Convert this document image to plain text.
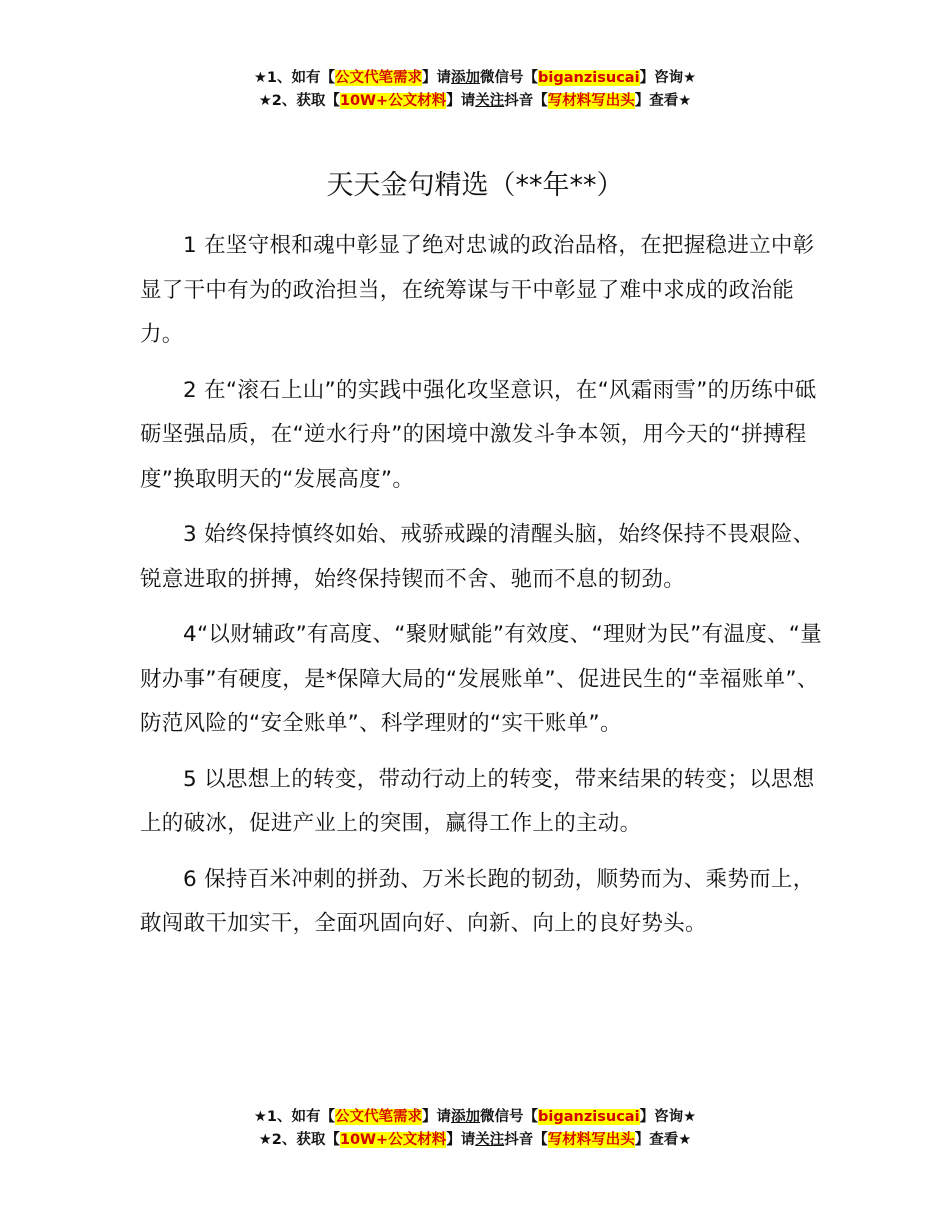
★1、如有【公文代笔需求】请添加微信号【biganzisucai】咨询★
★2、获取【10W+公文材料】请关注抖音【写材料写出头】查看★
天天金句精选（**年**）

1 在坚守根和魂中彰显了绝对忠诚的政治品格，在把握稳进立中彰显了干中有为的政治担当，在统筹谋与干中彰显了难中求成的政治能力。

2 在“滚石上山”的实践中强化攻坚意识，在“风霜雨雪”的历练中砥砺坚强品质，在“逆水行舟”的困境中激发斗争本领，用今天的“拼搏程度”换取明天的“发展高度”。

3 始终保持慎终如始、戒骄戒躁的清醒头脑，始终保持不畏艰险、锐意进取的拼搏，始终保持锲而不舍、驰而不息的韧劲。

4“以财辅政”有高度、“聚财赋能”有效度、“理财为民”有温度、“量财办事”有硬度，是*保障大局的“发展账单”、促进民生的“幸福账单”、防范风险的“安全账单”、科学理财的“实干账单”。

5 以思想上的转变，带动行动上的转变，带来结果的转变；以思想上的破冰，促进产业上的突围，赢得工作上的主动。

6 保持百米冲刺的拼劲、万米长跑的韧劲，顺势而为、乘势而上，敢闯敢干加实干，全面巩固向好、向新、向上的良好势头。

★1、如有【公文代笔需求】请添加微信号【biganzisucai】咨询★
★2、获取【10W+公文材料】请关注抖音【写材料写出头】查看★
